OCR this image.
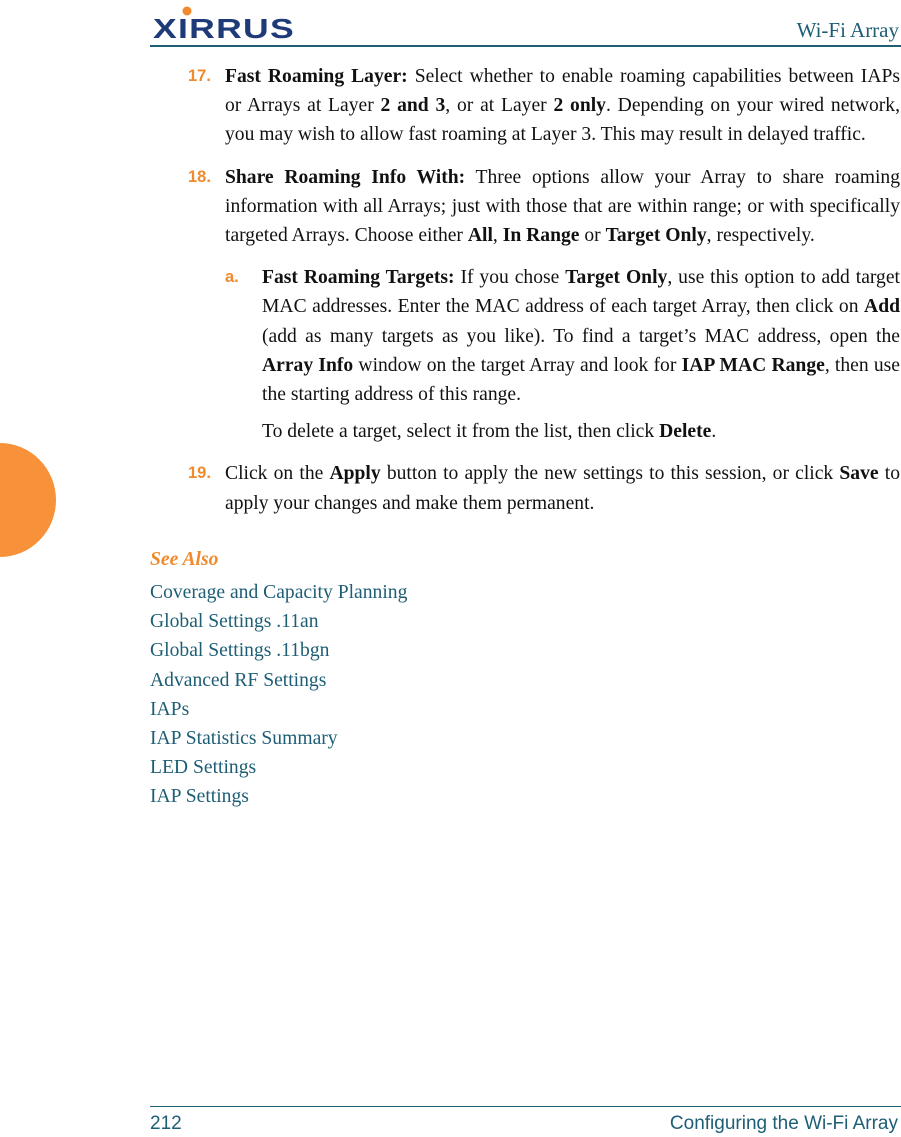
XIRRUS	Wi-Fi Array
17. Fast Roaming Layer: Select whether to enable roaming capabilities between IAPs or Arrays at Layer 2 and 3, or at Layer 2 only. Depending on your wired network, you may wish to allow fast roaming at Layer 3. This may result in delayed traffic.
18. Share Roaming Info With: Three options allow your Array to share roaming information with all Arrays; just with those that are within range; or with specifically targeted Arrays. Choose either All, In Range or Target Only, respectively.
a. Fast Roaming Targets: If you chose Target Only, use this option to add target MAC addresses. Enter the MAC address of each target Array, then click on Add (add as many targets as you like). To find a target’s MAC address, open the Array Info window on the target Array and look for IAP MAC Range, then use the starting address of this range.
To delete a target, select it from the list, then click Delete.
19. Click on the Apply button to apply the new settings to this session, or click Save to apply your changes and make them permanent.
See Also
Coverage and Capacity Planning
Global Settings .11an
Global Settings .11bgn
Advanced RF Settings
IAPs
IAP Statistics Summary
LED Settings
IAP Settings
212	Configuring the Wi-Fi Array
